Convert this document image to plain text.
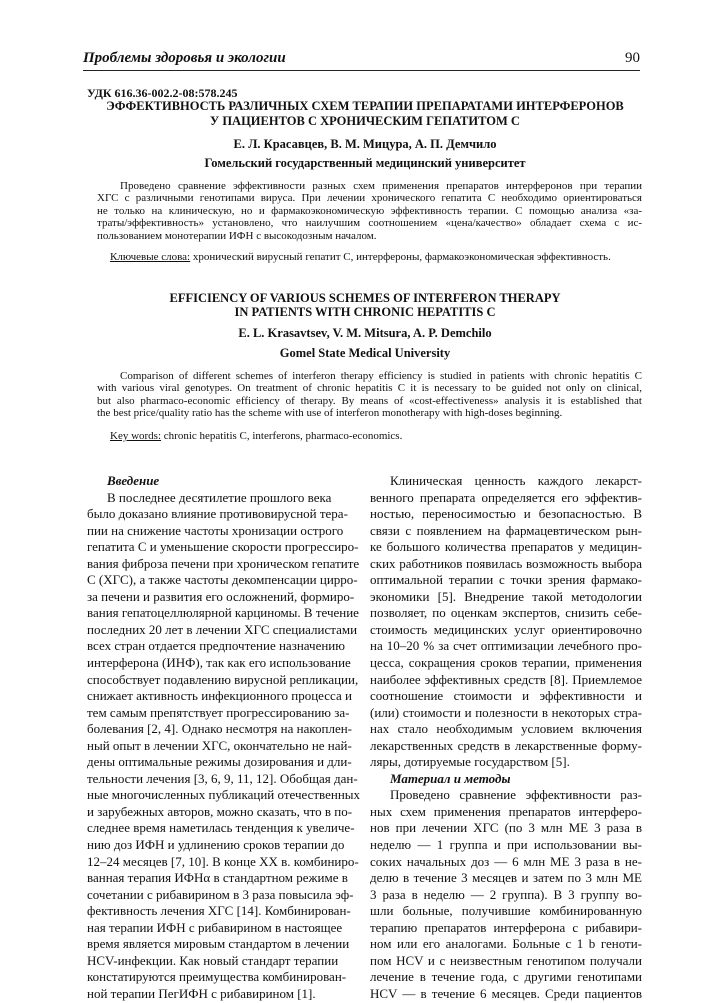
Проблемы здоровья и экологии	90
УДК 616.36-002.2-08:578.245
ЭФФЕКТИВНОСТЬ РАЗЛИЧНЫХ СХЕМ ТЕРАПИИ ПРЕПАРАТАМИ ИНТЕРФЕРОНОВ
У ПАЦИЕНТОВ С ХРОНИЧЕСКИМ ГЕПАТИТОМ С
Е. Л. Красавцев, В. М. Мицура, А. П. Демчило
Гомельский государственный медицинский университет
Проведено сравнение эффективности разных схем применения препаратов интерферонов при терапии
ХГС с различными генотипами вируса. При лечении хронического гепатита С необходимо ориентироваться
не только на клиническую, но и фармакоэкономическую эффективность терапии. С помощью анализа «за-
траты/эффективность» установлено, что наилучшим соотношением «цена/качество» обладает схема с ис-
пользованием монотерапии ИФН с высокодозным началом.
Ключевые слова: хронический вирусный гепатит С, интерфероны, фармакоэкономическая эффективность.
EFFICIENCY OF VARIOUS SCHEMES OF INTERFERON THERAPY
IN PATIENTS WITH CHRONIC HEPATITIS C
E. L. Krasavtsev, V. M. Mitsura, A. P. Demchilo
Gomel State Medical University
Comparison of different schemes of interferon therapy efficiency is studied in patients with chronic hepatitis C
with various viral genotypes. On treatment of chronic hepatitis C it is necessary to be guided not only on clinical,
but also pharmaco-economic efficiency of therapy. By means of «cost-effectiveness» analysis it is established that
the best price/quality ratio has the scheme with use of interferon monotherapy with high-doses beginning.
Key words: chronic hepatitis C, interferons, pharmaco-economics.
Введение
В последнее десятилетие прошлого века
было доказано влияние противовирусной тера-
пии на снижение частоты хронизации острого
гепатита С и уменьшение скорости прогрессиро-
вания фиброза печени при хроническом гепатите
С (ХГС), а также частоты декомпенсации цирро-
за печени и развития его осложнений, формиро-
вания гепатоцеллюлярной карциномы. В течение
последних 20 лет в лечении ХГС специалистами
всех стран отдается предпочтение назначению
интерферона (ИНФ), так как его использование
способствует подавлению вирусной репликации,
снижает активность инфекционного процесса и
тем самым препятствует прогрессированию за-
болевания [2, 4]. Однако несмотря на накоплен-
ный опыт в лечении ХГС, окончательно не най-
дены оптимальные режимы дозирования и дли-
тельности лечения [3, 6, 9, 11, 12]. Обобщая дан-
ные многочисленных публикаций отечественных
и зарубежных авторов, можно сказать, что в по-
следнее время наметилась тенденция к увеличе-
нию доз ИФН и удлинению сроков терапии до
12–24 месяцев [7, 10]. В конце XX в. комбиниро-
ванная терапия ИФНα в стандартном режиме в
сочетании с рибавирином в 3 раза повысила эф-
фективность лечения ХГС [14]. Комбинирован-
ная терапии ИФН с рибавирином в настоящее
время является мировым стандартом в лечении
HCV-инфекции. Как новый стандарт терапии
констатируются преимущества комбинирован-
ной терапии ПегИФН с рибавирином [1].
Клиническая ценность каждого лекарст-
венного препарата определяется его эффектив-
ностью, переносимостью и безопасностью. В
связи с появлением на фармацевтическом рын-
ке большого количества препаратов у медицин-
ских работников появилась возможность выбора
оптимальной терапии с точки зрения фармако-
экономики [5]. Внедрение такой методологии
позволяет, по оценкам экспертов, снизить себе-
стоимость медицинских услуг ориентировочно
на 10–20 % за счет оптимизации лечебного про-
цесса, сокращения сроков терапии, применения
наиболее эффективных средств [8]. Приемлемое
соотношение стоимости и эффективности и
(или) стоимости и полезности в некоторых стра-
нах стало необходимым условием включения
лекарственных средств в лекарственные форму-
ляры, дотируемые государством [5].
Материал и методы
Проведено сравнение эффективности раз-
ных схем применения препаратов интерферо-
нов при лечении ХГС (по 3 млн МЕ 3 раза в
неделю — 1 группа и при использовании вы-
соких начальных доз — 6 млн МЕ 3 раза в не-
делю в течение 3 месяцев и затем по 3 млн МЕ
3 раза в неделю — 2 группа). В 3 группу во-
шли больные, получившие комбинированную
терапию препаратов интерферона с рибавири-
ном или его аналогами. Больные с 1 b геноти-
пом HCV и с неизвестным генотипом получали
лечение в течение года, с другими генотипами
HCV — в течение 6 месяцев. Среди пациентов
